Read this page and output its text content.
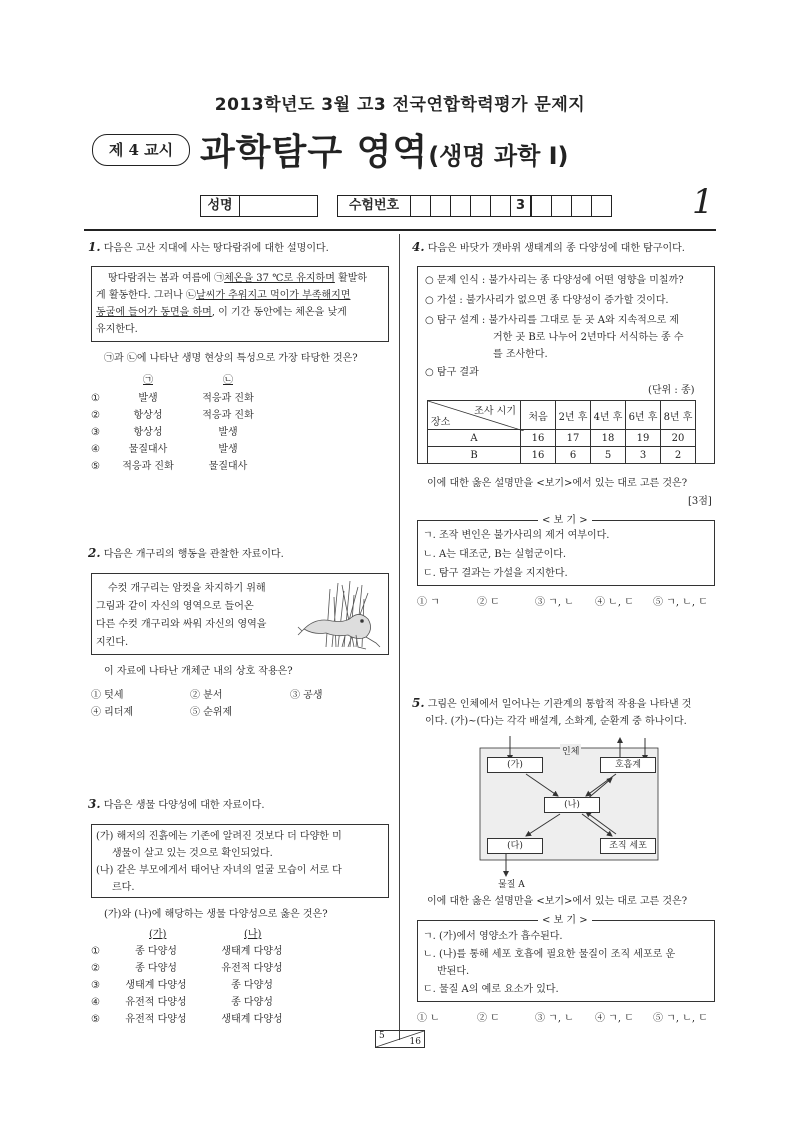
2013학년도 3월 고3 전국연합학력평가 문제지
제 4 교시 과학탐구 영역(생명 과학 Ⅰ)
성명	수험번호	3	1
1. 다음은 고산 지대에 사는 땅다람쥐에 대한 설명이다.
땅다람쥐는 봄과 여름에 ㉠체온을 37 ℃로 유지하며 활발하
게 활동한다. 그러나 ㉡날씨가 추워지고 먹이가 부족해지면
동굴에 들어가 동면을 하며, 이 기간 동안에는 체온을 낮게
유지한다.
㉠과 ㉡에 나타난 생명 현상의 특성으로 가장 타당한 것은?
㉠	㉡
①	발생	적응과 진화
②	항상성	적응과 진화
③	항상성	발생
④	물질대사	발생
⑤ 적응과 진화	물질대사
2. 다음은 개구리의 행동을 관찰한 자료이다.
수컷 개구리는 암컷을 차지하기 위해
그림과 같이 자신의 영역으로 들어온
다른 수컷 개구리와 싸워 자신의 영역을
지킨다.
이 자료에 나타난 개체군 내의 상호 작용은?
① 텃세	② 분서	③ 공생
④ 리더제	⑤ 순위제
3. 다음은 생물 다양성에 대한 자료이다.
(가) 해저의 진흙에는 기존에 알려진 것보다 더 다양한 미
생물이 살고 있는 것으로 확인되었다.
(나) 같은 부모에게서 태어난 자녀의 얼굴 모습이 서로 다
르다.
(가)와 (나)에 해당하는 생물 다양성으로 옳은 것은?
(가)	(나)
①	종 다양성	생태계 다양성
②	종 다양성	유전적 다양성
③	생태계 다양성	종 다양성
④	유전적 다양성	종 다양성
⑤	유전적 다양성	생태계 다양성
4. 다음은 바닷가 갯바위 생태계의 종 다양성에 대한 탐구이다.
○ 문제 인식 : 불가사리는 종 다양성에 어떤 영향을 미칠까?
○ 가설 : 불가사리가 없으면 종 다양성이 증가할 것이다.
○ 탐구 설계 : 불가사리를 그대로 둔 곳 A와 지속적으로 제
거한 곳 B로 나누어 2년마다 서식하는 종 수
를 조사한다.
○ 탐구 결과
(단위 : 종)
조사 시기
장소	처음	2년 후	4년 후	6년 후	8년 후
A	16	17	18	19	20
B	16	6	5	3	2
이에 대한 옳은 설명만을 <보기>에서 있는 대로 고른 것은?
[3점]
< 보 기 >
ㄱ. 조작 변인은 불가사리의 제거 여부이다.
ㄴ. A는 대조군, B는 실험군이다.
ㄷ. 탐구 결과는 가설을 지지한다.
① ㄱ	② ㄷ	③ ㄱ, ㄴ ④ ㄴ, ㄷ ⑤ ㄱ, ㄴ, ㄷ
5. 그림은 인체에서 일어나는 기관계의 통합적 작용을 나타낸 것
이다. (가)~(다)는 각각 배설계, 소화계, 순환계 중 하나이다.
인체
(가)	호흡계
(나)
(다)	조직 세포
물질 A
이에 대한 옳은 설명만을 <보기>에서 있는 대로 고른 것은?
< 보 기 >
ㄱ. (가)에서 영양소가 흡수된다.
ㄴ. (나)를 통해 세포 호흡에 필요한 물질이 조직 세포로 운
반된다.
ㄷ. 물질 A의 예로 요소가 있다.
① ㄴ	② ㄷ	③ ㄱ, ㄴ ④ ㄱ, ㄷ ⑤ ㄱ, ㄴ, ㄷ
5
16
